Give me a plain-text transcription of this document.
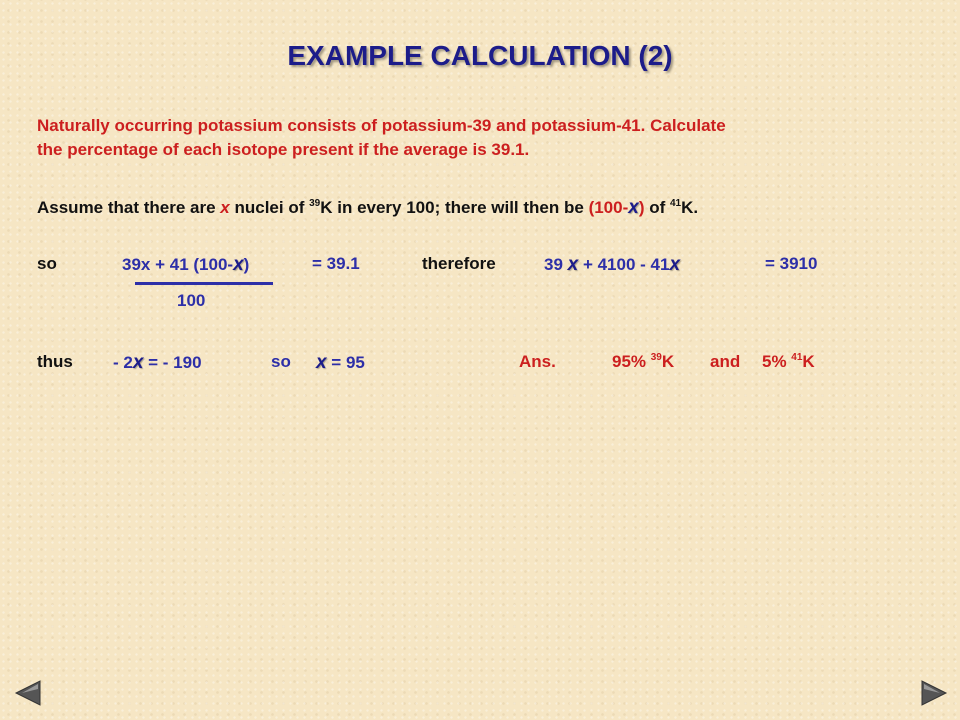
EXAMPLE CALCULATION (2)
Naturally occurring potassium consists of potassium-39 and potassium-41. Calculate
the percentage of each isotope present if the average is 39.1.
Assume that there are x nuclei of $^{39}$K in every 100; there will then be (100-x) of $^{41}$K.
so	39x + 41 (100-x)	= 39.1	therefore	39 x + 4100 - 41x	= 3910
100
thus - 2x = - 190	so x = 95	Ans.	95% $^{39}$K and 5% $^{41}$K
